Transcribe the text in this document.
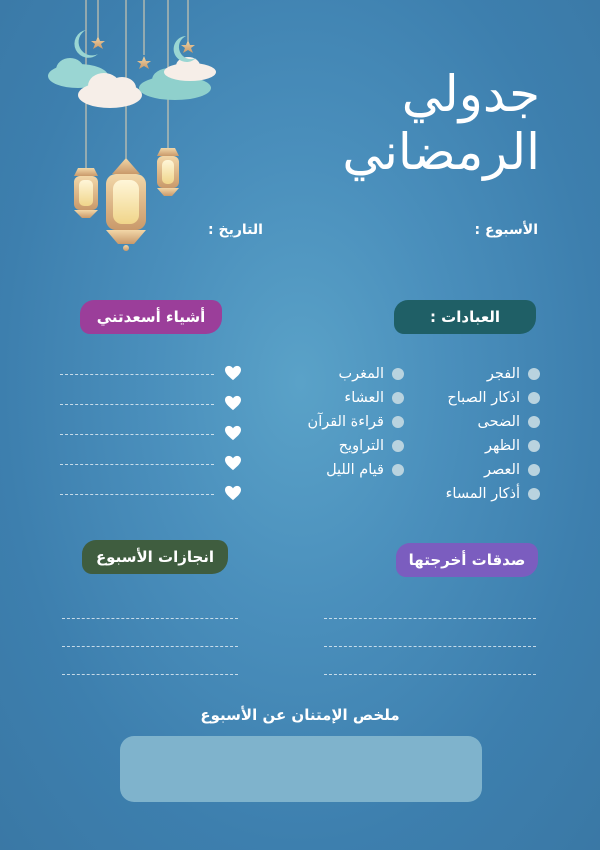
جدولي
الرمضاني
الأسبوع :
التاريخ :
العبادات :
أشياء أسعدتني
الفجر
اذكار الصباح
الضحى
الظهر
العصر
أذكار المساء
المغرب
العشاء
قراءة القرآن
التراويح
قيام الليل
انجازات الأسبوع	صدقات أخرجتها
ملخص الإمتنان عن الأسبوع
